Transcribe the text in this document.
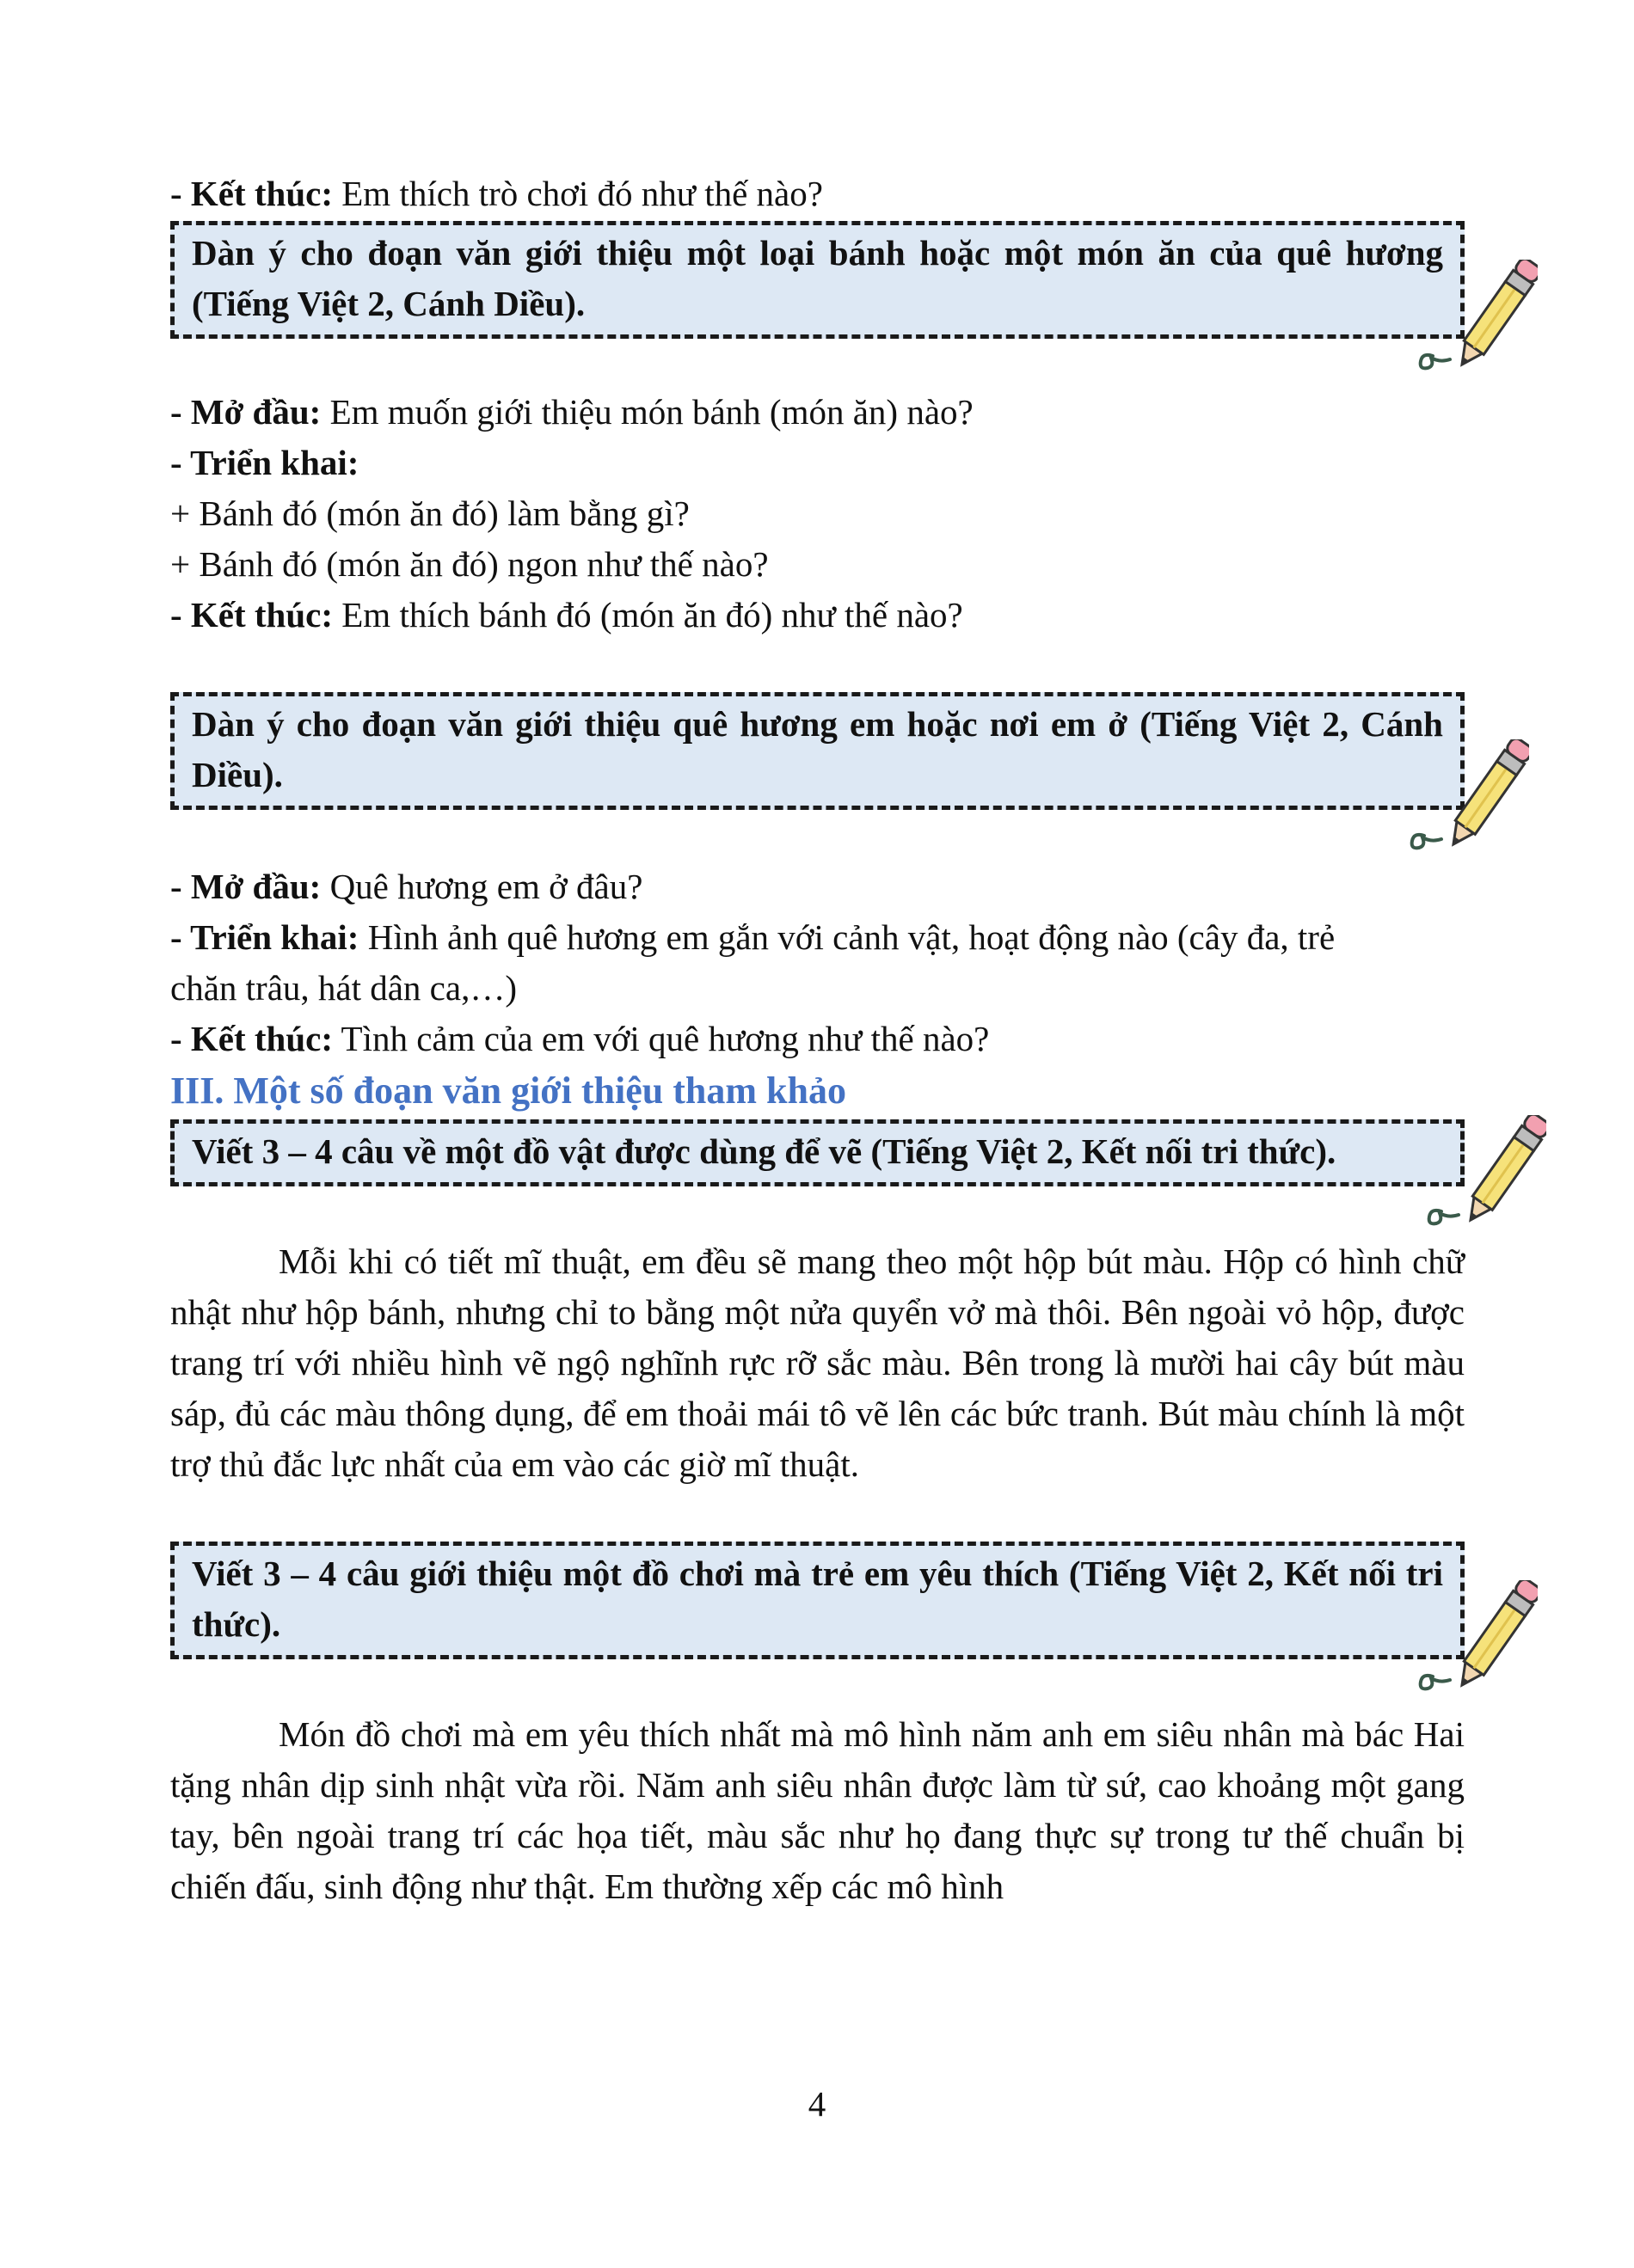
- Kết thúc: Em thích trò chơi đó như thế nào?

Dàn ý cho đoạn văn giới thiệu một loại bánh hoặc một món ăn của quê hương (Tiếng Việt 2, Cánh Diều).

- Mở đầu: Em muốn giới thiệu món bánh (món ăn) nào?

- Triển khai:

+ Bánh đó (món ăn đó) làm bằng gì?

+ Bánh đó (món ăn đó) ngon như thế nào?

- Kết thúc: Em thích bánh đó (món ăn đó) như thế nào?

Dàn ý cho đoạn văn giới thiệu quê hương em hoặc nơi em ở (Tiếng Việt 2, Cánh Diều).

- Mở đầu: Quê hương em ở đâu?

- Triển khai: Hình ảnh quê hương em gắn với cảnh vật, hoạt động nào (cây đa, trẻ

chăn trâu, hát dân ca,…)

- Kết thúc: Tình cảm của em với quê hương như thế nào?

III. Một số đoạn văn giới thiệu tham khảo

Viết 3 – 4 câu về một đồ vật được dùng để vẽ (Tiếng Việt 2, Kết nối tri thức).

Mỗi khi có tiết mĩ thuật, em đều sẽ mang theo một hộp bút màu. Hộp có hình chữ nhật như hộp bánh, nhưng chỉ to bằng một nửa quyển vở mà thôi. Bên ngoài vỏ hộp, được trang trí với nhiều hình vẽ ngộ nghĩnh rực rỡ sắc màu. Bên trong là mười hai cây bút màu sáp, đủ các màu thông dụng, để em thoải mái tô vẽ lên các bức tranh. Bút màu chính là một trợ thủ đắc lực nhất của em vào các giờ mĩ thuật.

Viết 3 – 4 câu giới thiệu một đồ chơi mà trẻ em yêu thích (Tiếng Việt 2, Kết nối tri thức).

Món đồ chơi mà em yêu thích nhất mà mô hình năm anh em siêu nhân mà bác Hai tặng nhân dịp sinh nhật vừa rồi. Năm anh siêu nhân được làm từ sứ, cao khoảng một gang tay, bên ngoài trang trí các họa tiết, màu sắc như họ đang thực sự trong tư thế chuẩn bị chiến đấu, sinh động như thật. Em thường xếp các mô hình

4
